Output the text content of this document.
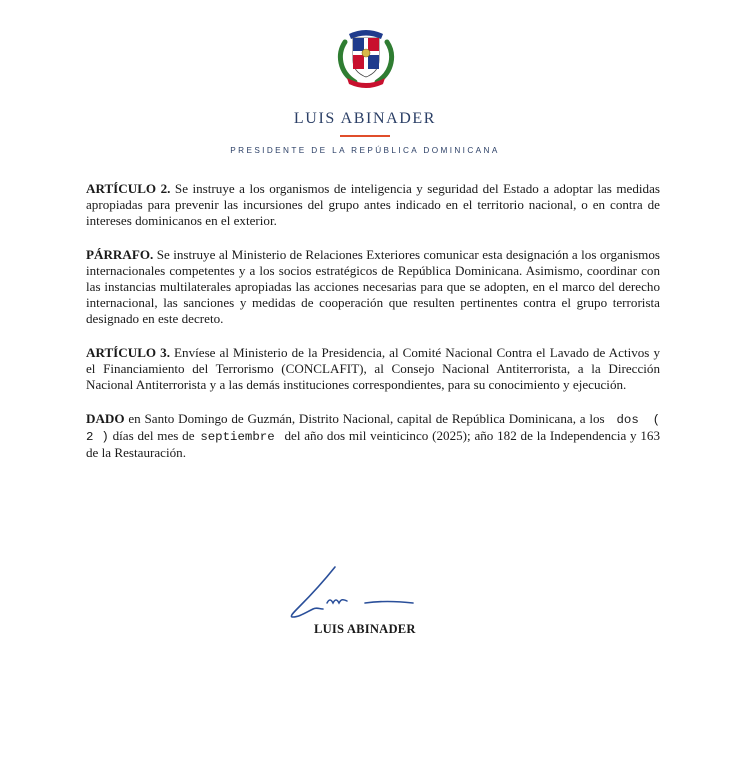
LUIS ABINADER
PRESIDENTE DE LA REPÚBLICA DOMINICANA

ARTÍCULO 2. Se instruye a los organismos de inteligencia y seguridad del Estado a adoptar las medidas apropiadas para prevenir las incursiones del grupo antes indicado en el territorio nacional, o en contra de intereses dominicanos en el exterior.

PÁRRAFO. Se instruye al Ministerio de Relaciones Exteriores comunicar esta designación a los organismos internacionales competentes y a los socios estratégicos de República Dominicana. Asimismo, coordinar con las instancias multilaterales apropiadas las acciones necesarias para que se adopten, en el marco del derecho internacional, las sanciones y medidas de cooperación que resulten pertinentes contra el grupo terrorista designado en este decreto.

ARTÍCULO 3. Envíese al Ministerio de la Presidencia, al Comité Nacional Contra el Lavado de Activos y el Financiamiento del Terrorismo (CONCLAFIT), al Consejo Nacional Antiterrorista, a la Dirección Nacional Antiterrorista y a las demás instituciones correspondientes, para su conocimiento y ejecución.

DADO en Santo Domingo de Guzmán, Distrito Nacional, capital de República Dominicana, a los dos ( 2 ) días del mes de septiembre del año dos mil veinticinco (2025); año 182 de la Independencia y 163 de la Restauración.

LUIS ABINADER
